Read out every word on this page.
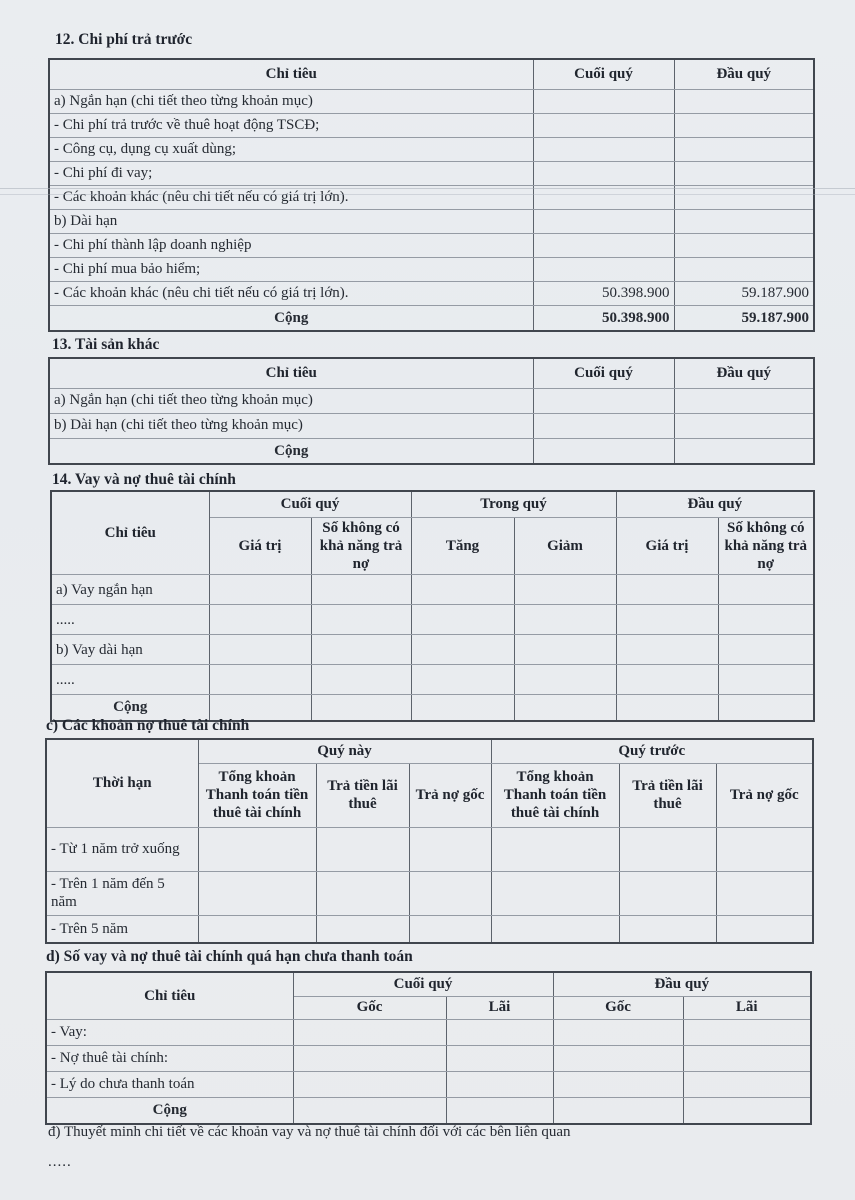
12. Chi phí trả trước
Chỉ tiêu	Cuối quý	Đầu quý
a) Ngắn hạn (chi tiết theo từng khoản mục)		
- Chi phí trả trước về thuê hoạt động TSCĐ;		
- Công cụ, dụng cụ xuất dùng;		
- Chi phí đi vay;		
- Các khoản khác (nêu chi tiết nếu có giá trị lớn).		
b) Dài hạn		
- Chi phí thành lập doanh nghiệp		
- Chi phí mua bảo hiểm;		
- Các khoản khác (nêu chi tiết nếu có giá trị lớn).	50.398.900	59.187.900
Cộng	50.398.900	59.187.900
13. Tài sản khác
Chỉ tiêu	Cuối quý	Đầu quý
a) Ngắn hạn (chi tiết theo từng khoản mục)		
b) Dài hạn (chi tiết theo từng khoản mục)		
Cộng		
14. Vay và nợ thuê tài chính
Chỉ tiêu	Cuối quý		Trong quý		Đầu quý	
	Giá trị	Số không có khả năng trả nợ	Tăng	Giảm	Giá trị	Số không có khả năng trả nợ
a) Vay ngắn hạn						
.....						
b) Vay dài hạn						
.....						
Cộng						
c) Các khoản nợ thuê tài chính
Thời hạn	Quý này			Quý trước		
	Tổng khoản Thanh toán tiền thuê tài chính	Trả tiền lãi thuê	Trả nợ gốc	Tổng khoản Thanh toán tiền thuê tài chính	Trả tiền lãi thuê	Trả nợ gốc
- Từ 1 năm trở xuống						
- Trên 1 năm đến 5 năm						
- Trên 5 năm						
d) Số vay và nợ thuê tài chính quá hạn chưa thanh toán
Chỉ tiêu	Cuối quý		Đầu quý	
	Gốc	Lãi	Gốc	Lãi
- Vay:				
- Nợ thuê tài chính:				
- Lý do chưa thanh toán				
Cộng				
đ) Thuyết minh chi tiết về các khoản vay và nợ thuê tài chính đối với các bên liên quan
.....
